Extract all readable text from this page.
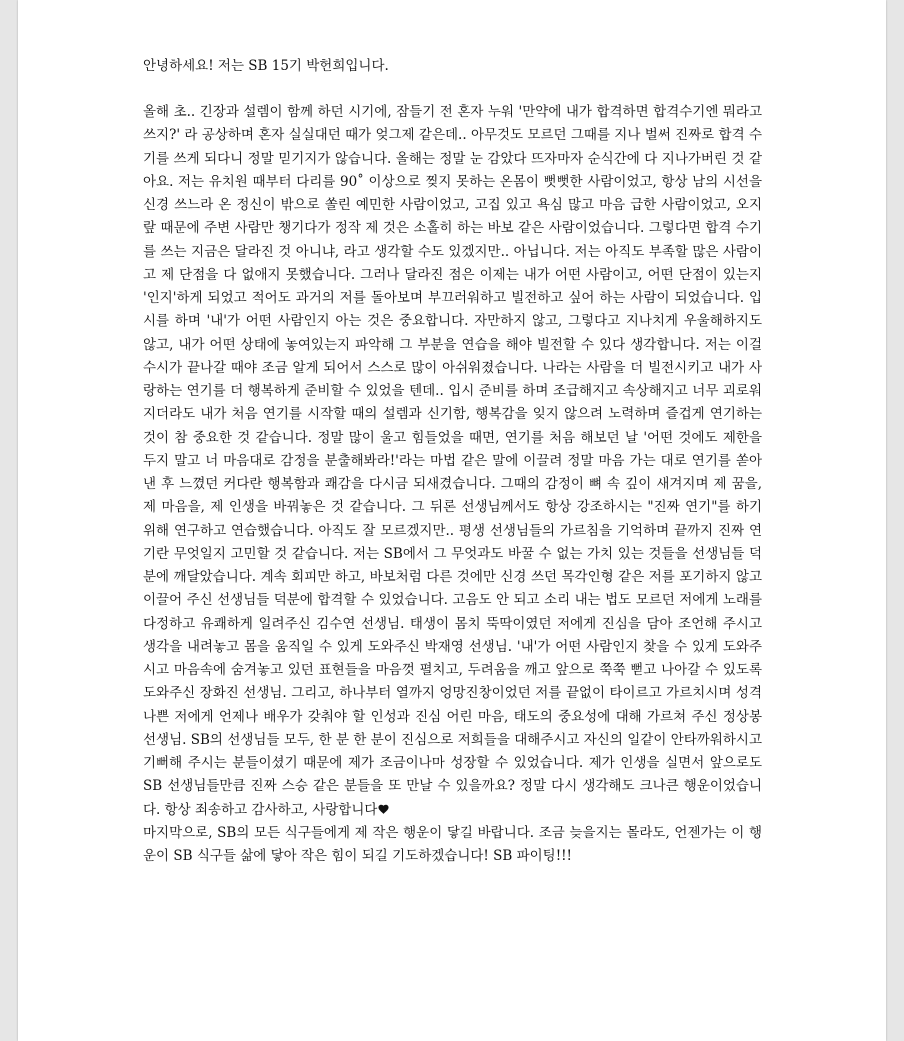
안녕하세요! 저는 SB 15기 박헌희입니다.

올해 초.. 긴장과 설렘이 함께 하던 시기에, 잠들기 전 혼자 누워 '만약에 내가 합격하면 합격수기엔 뭐라고 쓰지?' 라 공상하며 혼자 실실대던 때가 엊그제 같은데.. 아무것도 모르던 그때를 지나 벌써 진짜로 합격 수기를 쓰게 되다니 정말 믿기지가 않습니다. 올해는 정말 눈 감았다 뜨자마자 순식간에 다 지나가버린 것 같아요. 저는 유치원 때부터 다리를 90˚ 이상으로 찢지 못하는 온몸이 뻣뻣한 사람이었고, 항상 남의 시선을 신경 쓰느라 온 정신이 밖으로 쏠린 예민한 사람이었고, 고집 있고 욕심 많고 마음 급한 사람이었고, 오지랖 때문에 주변 사람만 챙기다가 정작 제 것은 소홀히 하는 바보 같은 사람이었습니다. 그렇다면 합격 수기를 쓰는 지금은 달라진 것 아니냐, 라고 생각할 수도 있겠지만.. 아닙니다. 저는 아직도 부족할 많은 사람이고 제 단점을 다 없애지 못했습니다. 그러나 달라진 점은 이제는 내가 어떤 사람이고, 어떤 단점이 있는지 '인지'하게 되었고 적어도 과거의 저를 돌아보며 부끄러워하고 빌전하고 싶어 하는 사람이 되었습니다. 입시를 하며 '내'가 어떤 사람인지 아는 것은 중요합니다. 자만하지 않고, 그렇다고 지나치게 우울해하지도 않고, 내가 어떤 상태에 놓여있는지 파악해 그 부분을 연습을 해야 빌전할 수 있다 생각합니다. 저는 이걸 수시가 끝나갈 때야 조금 알게 되어서 스스로 많이 아쉬워졌습니다. 나라는 사람을 더 빌전시키고 내가 사랑하는 연기를 더 행복하게 준비할 수 있었을 텐데.. 입시 준비를 하며 조급해지고 속상해지고 너무 괴로워지더라도 내가 처음 연기를 시작할 때의 설렘과 신기함, 행복감을 잊지 않으려 노력하며 즐겁게 연기하는 것이 참 중요한 것 같습니다. 정말 많이 울고 힘들었을 때면, 연기를 처음 해보던 날 '어떤 것에도 제한을 두지 말고 너 마음대로 감정을 분출해봐라!'라는 마법 같은 말에 이끌려 정말 마음 가는 대로 연기를 쏟아낸 후 느꼈던 커다란 행복함과 쾌감을 다시금 되새겼습니다. 그때의 감정이 뼈 속 깊이 새겨지며 제 꿈을, 제 마음을, 제 인생을 바꿔놓은 것 같습니다. 그 뒤론 선생님께서도 항상 강조하시는 "진짜 연기"를 하기 위해 연구하고 연습했습니다. 아직도 잘 모르겠지만.. 평생 선생님들의 가르침을 기억하며 끝까지 진짜 연기란 무엇일지 고민할 것 같습니다. 저는 SB에서 그 무엇과도 바꿀 수 없는 가치 있는 것들을 선생님들 덕분에 깨달았습니다. 계속 회피만 하고, 바보처럼 다른 것에만 신경 쓰던 목각인형 같은 저를 포기하지 않고 이끌어 주신 선생님들 덕분에 합격할 수 있었습니다. 고음도 안 되고 소리 내는 법도 모르던 저에게 노래를 다정하고 유쾌하게 일려주신 김수연 선생님. 태생이 몸치 뚝딱이였던 저에게 진심을 담아 조언해 주시고 생각을 내려놓고 몸을 움직일 수 있게 도와주신 박재영 선생님. '내'가 어떤 사람인지 찾을 수 있게 도와주시고 마음속에 숨겨놓고 있던 표현들을 마음껏 펼치고, 두려움을 깨고 앞으로 쭉쭉 뻗고 나아갈 수 있도록 도와주신 장화진 선생님. 그리고, 하나부터 열까지 엉망진창이었던 저를 끝없이 타이르고 가르치시며 성격 나쁜 저에게 언제나 배우가 갖춰야 할 인성과 진심 어린 마음, 태도의 중요성에 대해 가르쳐 주신 정상봉 선생님. SB의 선생님들 모두, 한 분 한 분이 진심으로 저희들을 대해주시고 자신의 일같이 안타까워하시고 기뻐해 주시는 분들이셨기 때문에 제가 조금이나마 성장할 수 있었습니다. 제가 인생을 실면서 앞으로도 SB 선생님들만큼 진짜 스승 같은 분들을 또 만날 수 있을까요? 정말 다시 생각해도 크나큰 행운이었습니다. 항상 죄송하고 감사하고, 사랑합니다

마지막으로, SB의 모든 식구들에게 제 작은 행운이 닿길 바랍니다. 조금 늦을지는 몰라도, 언젠가는 이 행운이 SB 식구들 삶에 닿아 작은 힘이 되길 기도하겠습니다! SB 파이팅!!!
